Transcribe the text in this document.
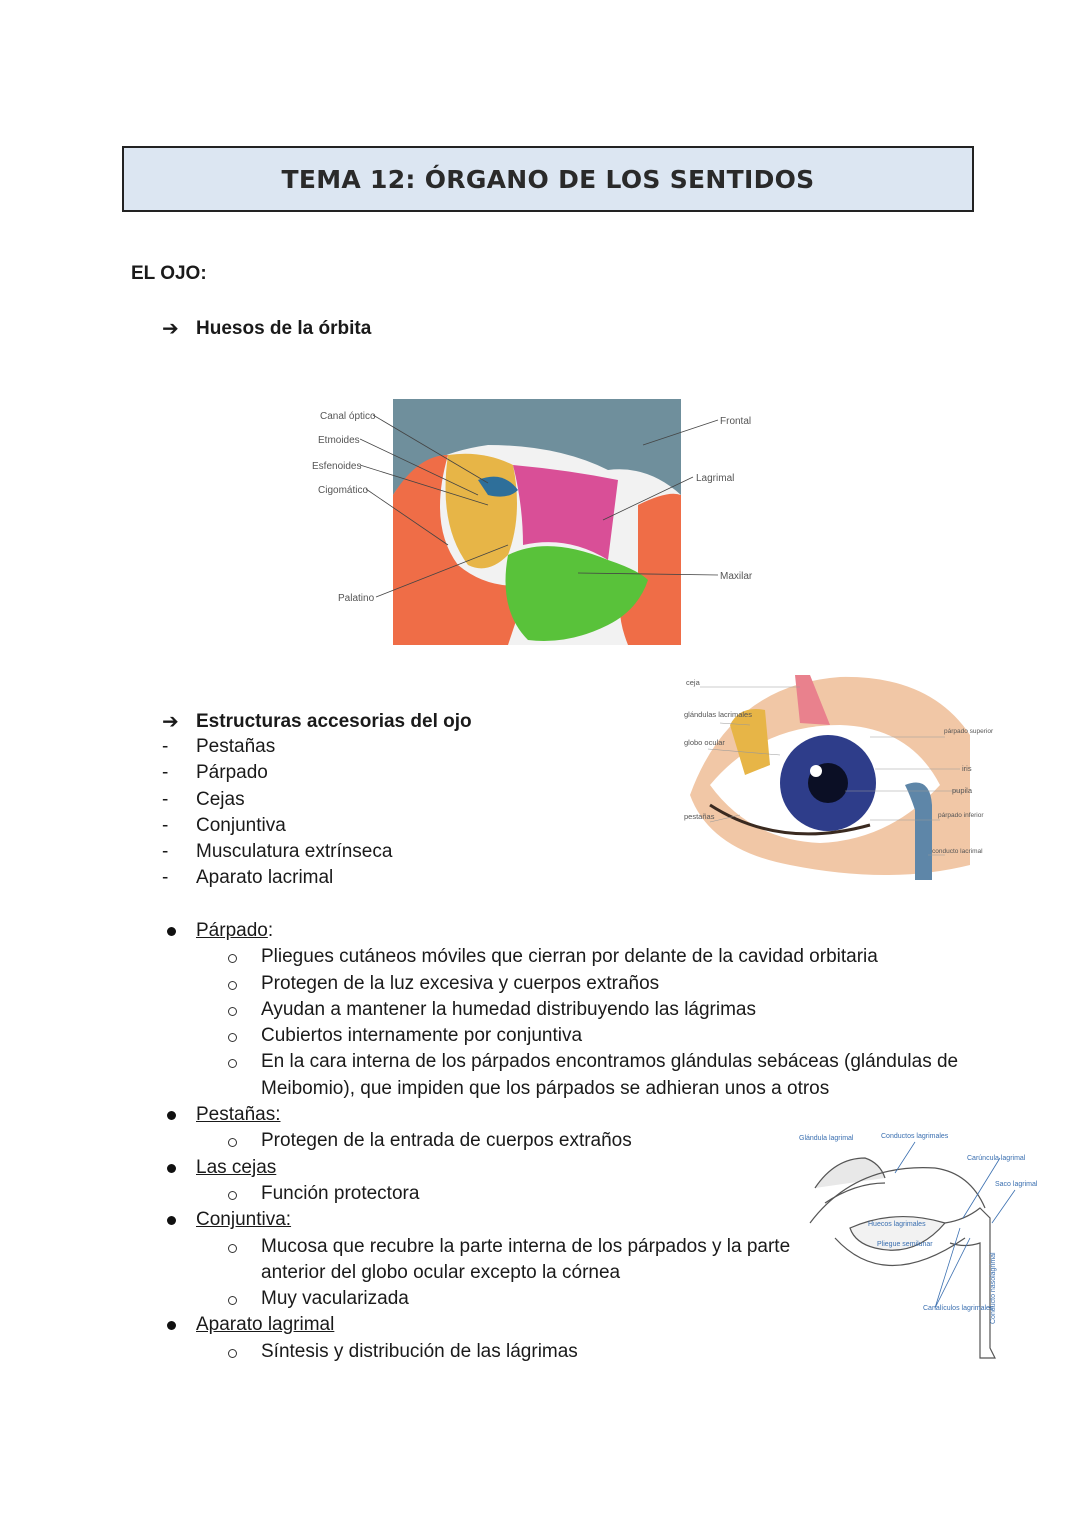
TEMA 12: ÓRGANO DE LOS SENTIDOS
EL OJO:
➔ Huesos de la órbita
Canal óptico
Etmoides
Esfenoides
Cigomático
Palatino
Frontal
Lagrimal
Maxilar
➔ Estructuras accesorias del ojo
-	Pestañas
-	Párpado
-	Cejas
-	Conjuntiva
-	Musculatura extrínseca
-	Aparato lacrimal
ceja
glándulas lacrimales
globo ocular
pestañas
párpado superior
iris
pupila
párpado inferior
conducto lacrimal
Párpado:
Pliegues cutáneos móviles que cierran por delante de la cavidad orbitaria
Protegen de la luz excesiva y cuerpos extraños
Ayudan a mantener la humedad distribuyendo las lágrimas
Cubiertos internamente por conjuntiva
En la cara interna de los párpados encontramos glándulas sebáceas (glándulas de Meibomio), que impiden que los párpados se adhieran unos a otros
Pestañas:
Protegen de la entrada de cuerpos extraños
Las cejas
Función protectora
Conjuntiva:
Mucosa que recubre la parte interna de los párpados y la parte anterior del globo ocular excepto la córnea
Muy vacularizada
Aparato lagrimal
Síntesis y distribución de las lágrimas
Glándula lagrimal	Conductos lagrimales
Carúncula lagrimal
Saco lagrimal
Huecos lagrimales
Pliegue semilunar
Canalículos lagrimales
Conducto nasolagrimal
